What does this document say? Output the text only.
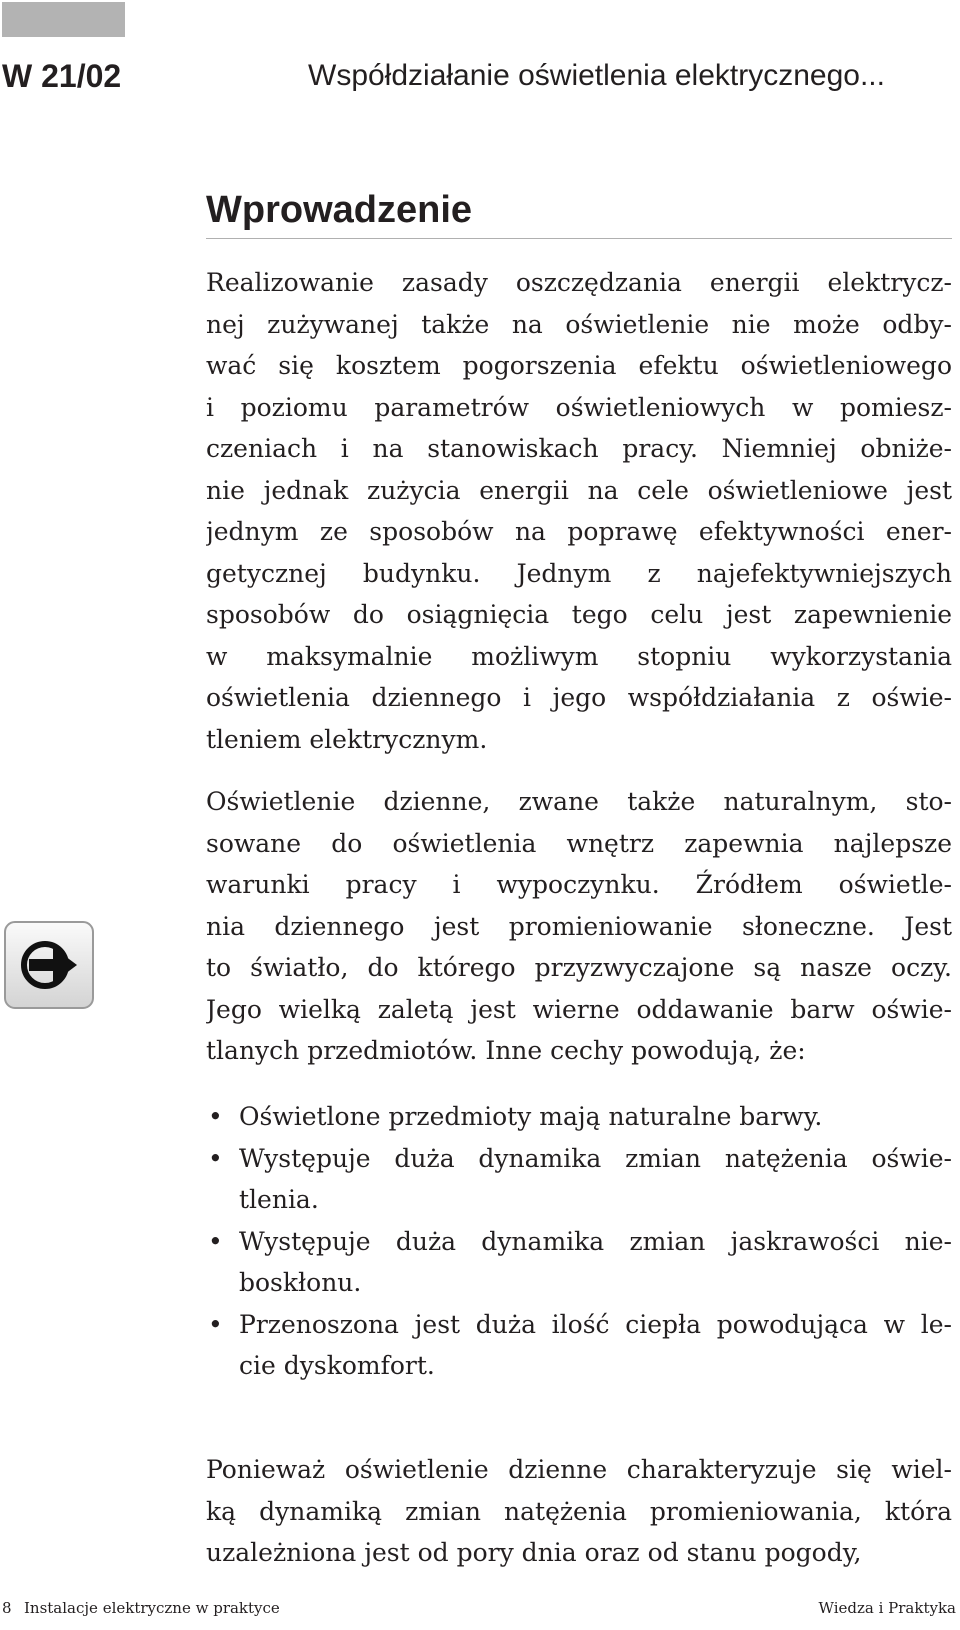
W 21/02	Współdziałanie oświetlenia elektrycznego...
Wprowadzenie
Realizowanie zasady oszczędzania energii elektrycz-
nej zużywanej także na oświetlenie nie może odby-
wać się kosztem pogorszenia efektu oświetleniowego
i poziomu parametrów oświetleniowych w pomiesz-
czeniach i na stanowiskach pracy. Niemniej obniże-
nie jednak zużycia energii na cele oświetleniowe jest
jednym ze sposobów na poprawę efektywności ener-
getycznej budynku. Jednym z najefektywniejszych
sposobów do osiągnięcia tego celu jest zapewnienie
w maksymalnie możliwym stopniu wykorzystania
oświetlenia dziennego i jego współdziałania z oświe-
tleniem elektrycznym.
Oświetlenie dzienne, zwane także naturalnym, sto-
sowane do oświetlenia wnętrz zapewnia najlepsze
warunki pracy i wypoczynku. Źródłem oświetle-
nia dziennego jest promieniowanie słoneczne. Jest
to światło, do którego przyzwyczajone są nasze oczy.
Jego wielką zaletą jest wierne oddawanie barw oświe-
tlanych przedmiotów. Inne cechy powodują, że:
• Oświetlone przedmioty mają naturalne barwy.
• Występuje duża dynamika zmian natężenia oświe-
tlenia.
• Występuje duża dynamika zmian jaskrawości nie-
boskłonu.
• Przenoszona jest duża ilość ciepła powodująca w le-
cie dyskomfort.
Ponieważ oświetlenie dzienne charakteryzuje się wiel-
ką dynamiką zmian natężenia promieniowania, która
uzależniona jest od pory dnia oraz od stanu pogody,
8 Instalacje elektryczne w praktyce	Wiedza i Praktyka
